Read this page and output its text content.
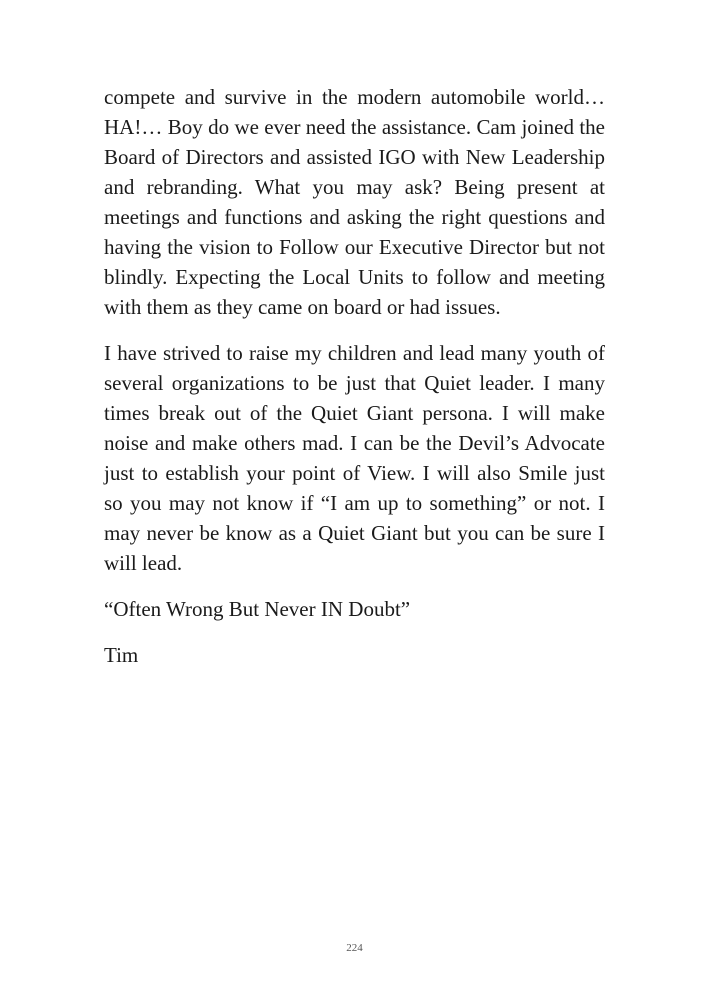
compete and survive in the modern automobile world… HA!… Boy do we ever need the assistance. Cam joined the Board of Directors and assisted IGO with New Leadership and rebranding. What you may ask? Being present at meetings and functions and asking the right questions and having the vision to Follow our Executive Director but not blindly. Expecting the Local Units to follow and meeting with them as they came on board or had issues.

I have strived to raise my children and lead many youth of several organizations to be just that Quiet leader. I many times break out of the Quiet Giant persona. I will make noise and make others mad. I can be the Devil’s Advocate just to establish your point of View. I will also Smile just so you may not know if “I am up to something” or not. I may never be know as a Quiet Giant but you can be sure I will lead.

“Often Wrong But Never IN Doubt”

Tim

224
